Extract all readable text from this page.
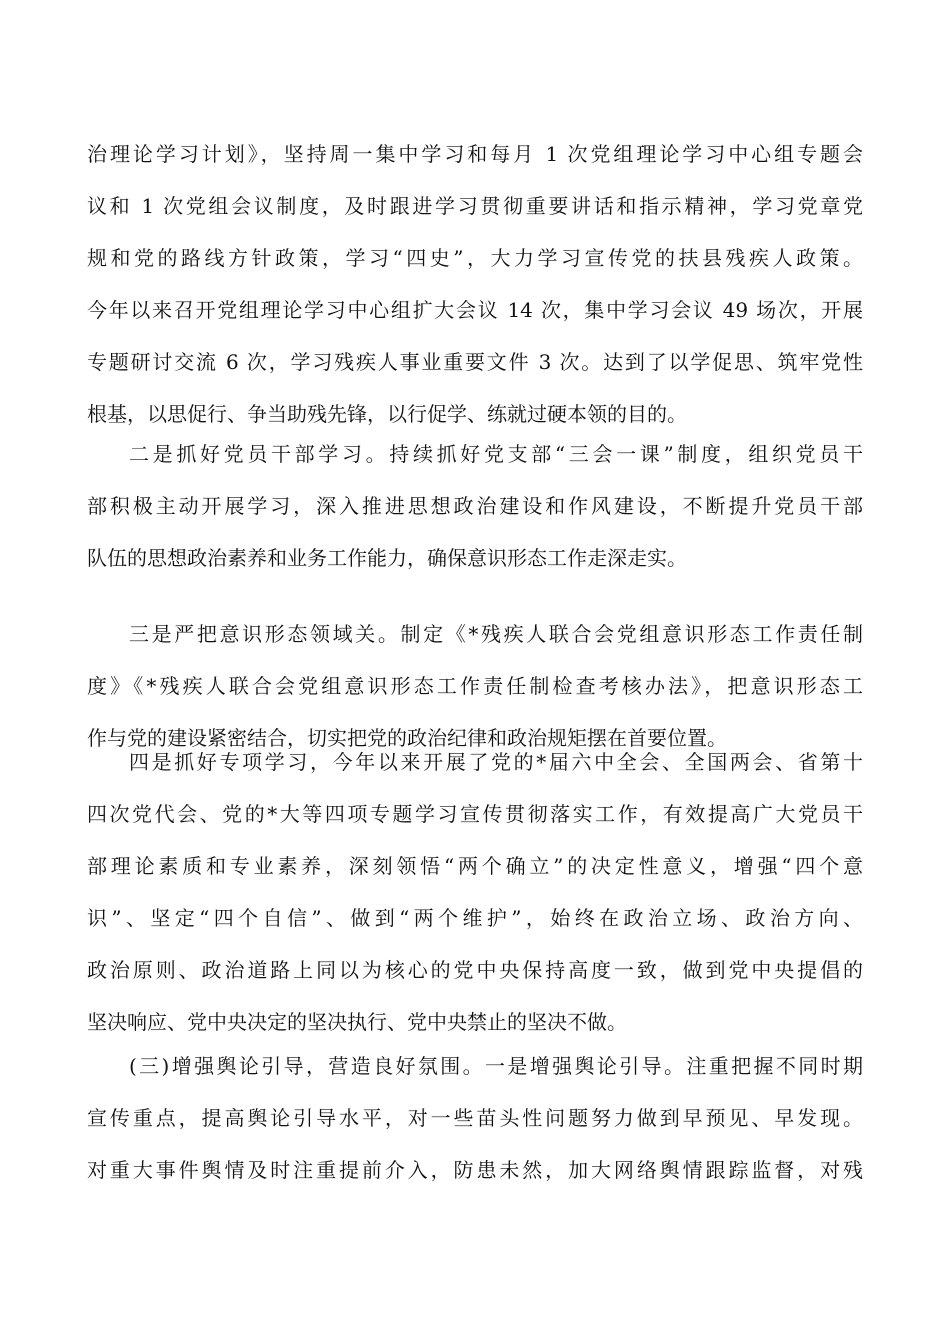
治理论学习计划》，坚持周一集中学习和每月 1 次党组理论学习中心组专题会
议和 1 次党组会议制度，及时跟进学习贯彻重要讲话和指示精神，学习党章党
规和党的路线方针政策，学习“四史”，大力学习宣传党的扶县残疾人政策。
今年以来召开党组理论学习中心组扩大会议 14 次，集中学习会议 49 场次，开展
专题研讨交流 6 次，学习残疾人事业重要文件 3 次。达到了以学促思、筑牢党性
根基，以思促行、争当助残先锋，以行促学、练就过硬本领的目的。
二是抓好党员干部学习。持续抓好党支部“三会一课”制度，组织党员干
部积极主动开展学习，深入推进思想政治建设和作风建设，不断提升党员干部
队伍的思想政治素养和业务工作能力，确保意识形态工作走深走实。
三是严把意识形态领域关。制定《*残疾人联合会党组意识形态工作责任制
度》《*残疾人联合会党组意识形态工作责任制检查考核办法》，把意识形态工
作与党的建设紧密结合，切实把党的政治纪律和政治规矩摆在首要位置。
四是抓好专项学习，今年以来开展了党的*届六中全会、全国两会、省第十
四次党代会、党的*大等四项专题学习宣传贯彻落实工作，有效提高广大党员干
部理论素质和专业素养，深刻领悟“两个确立”的决定性意义，增强“四个意
识”、坚定“四个自信”、做到“两个维护”，始终在政治立场、政治方向、
政治原则、政治道路上同以为核心的党中央保持高度一致，做到党中央提倡的
坚决响应、党中央决定的坚决执行、党中央禁止的坚决不做。
(三)增强舆论引导，营造良好氛围。一是增强舆论引导。注重把握不同时期
宣传重点，提高舆论引导水平，对一些苗头性问题努力做到早预见、早发现。
对重大事件舆情及时注重提前介入，防患未然，加大网络舆情跟踪监督，对残
